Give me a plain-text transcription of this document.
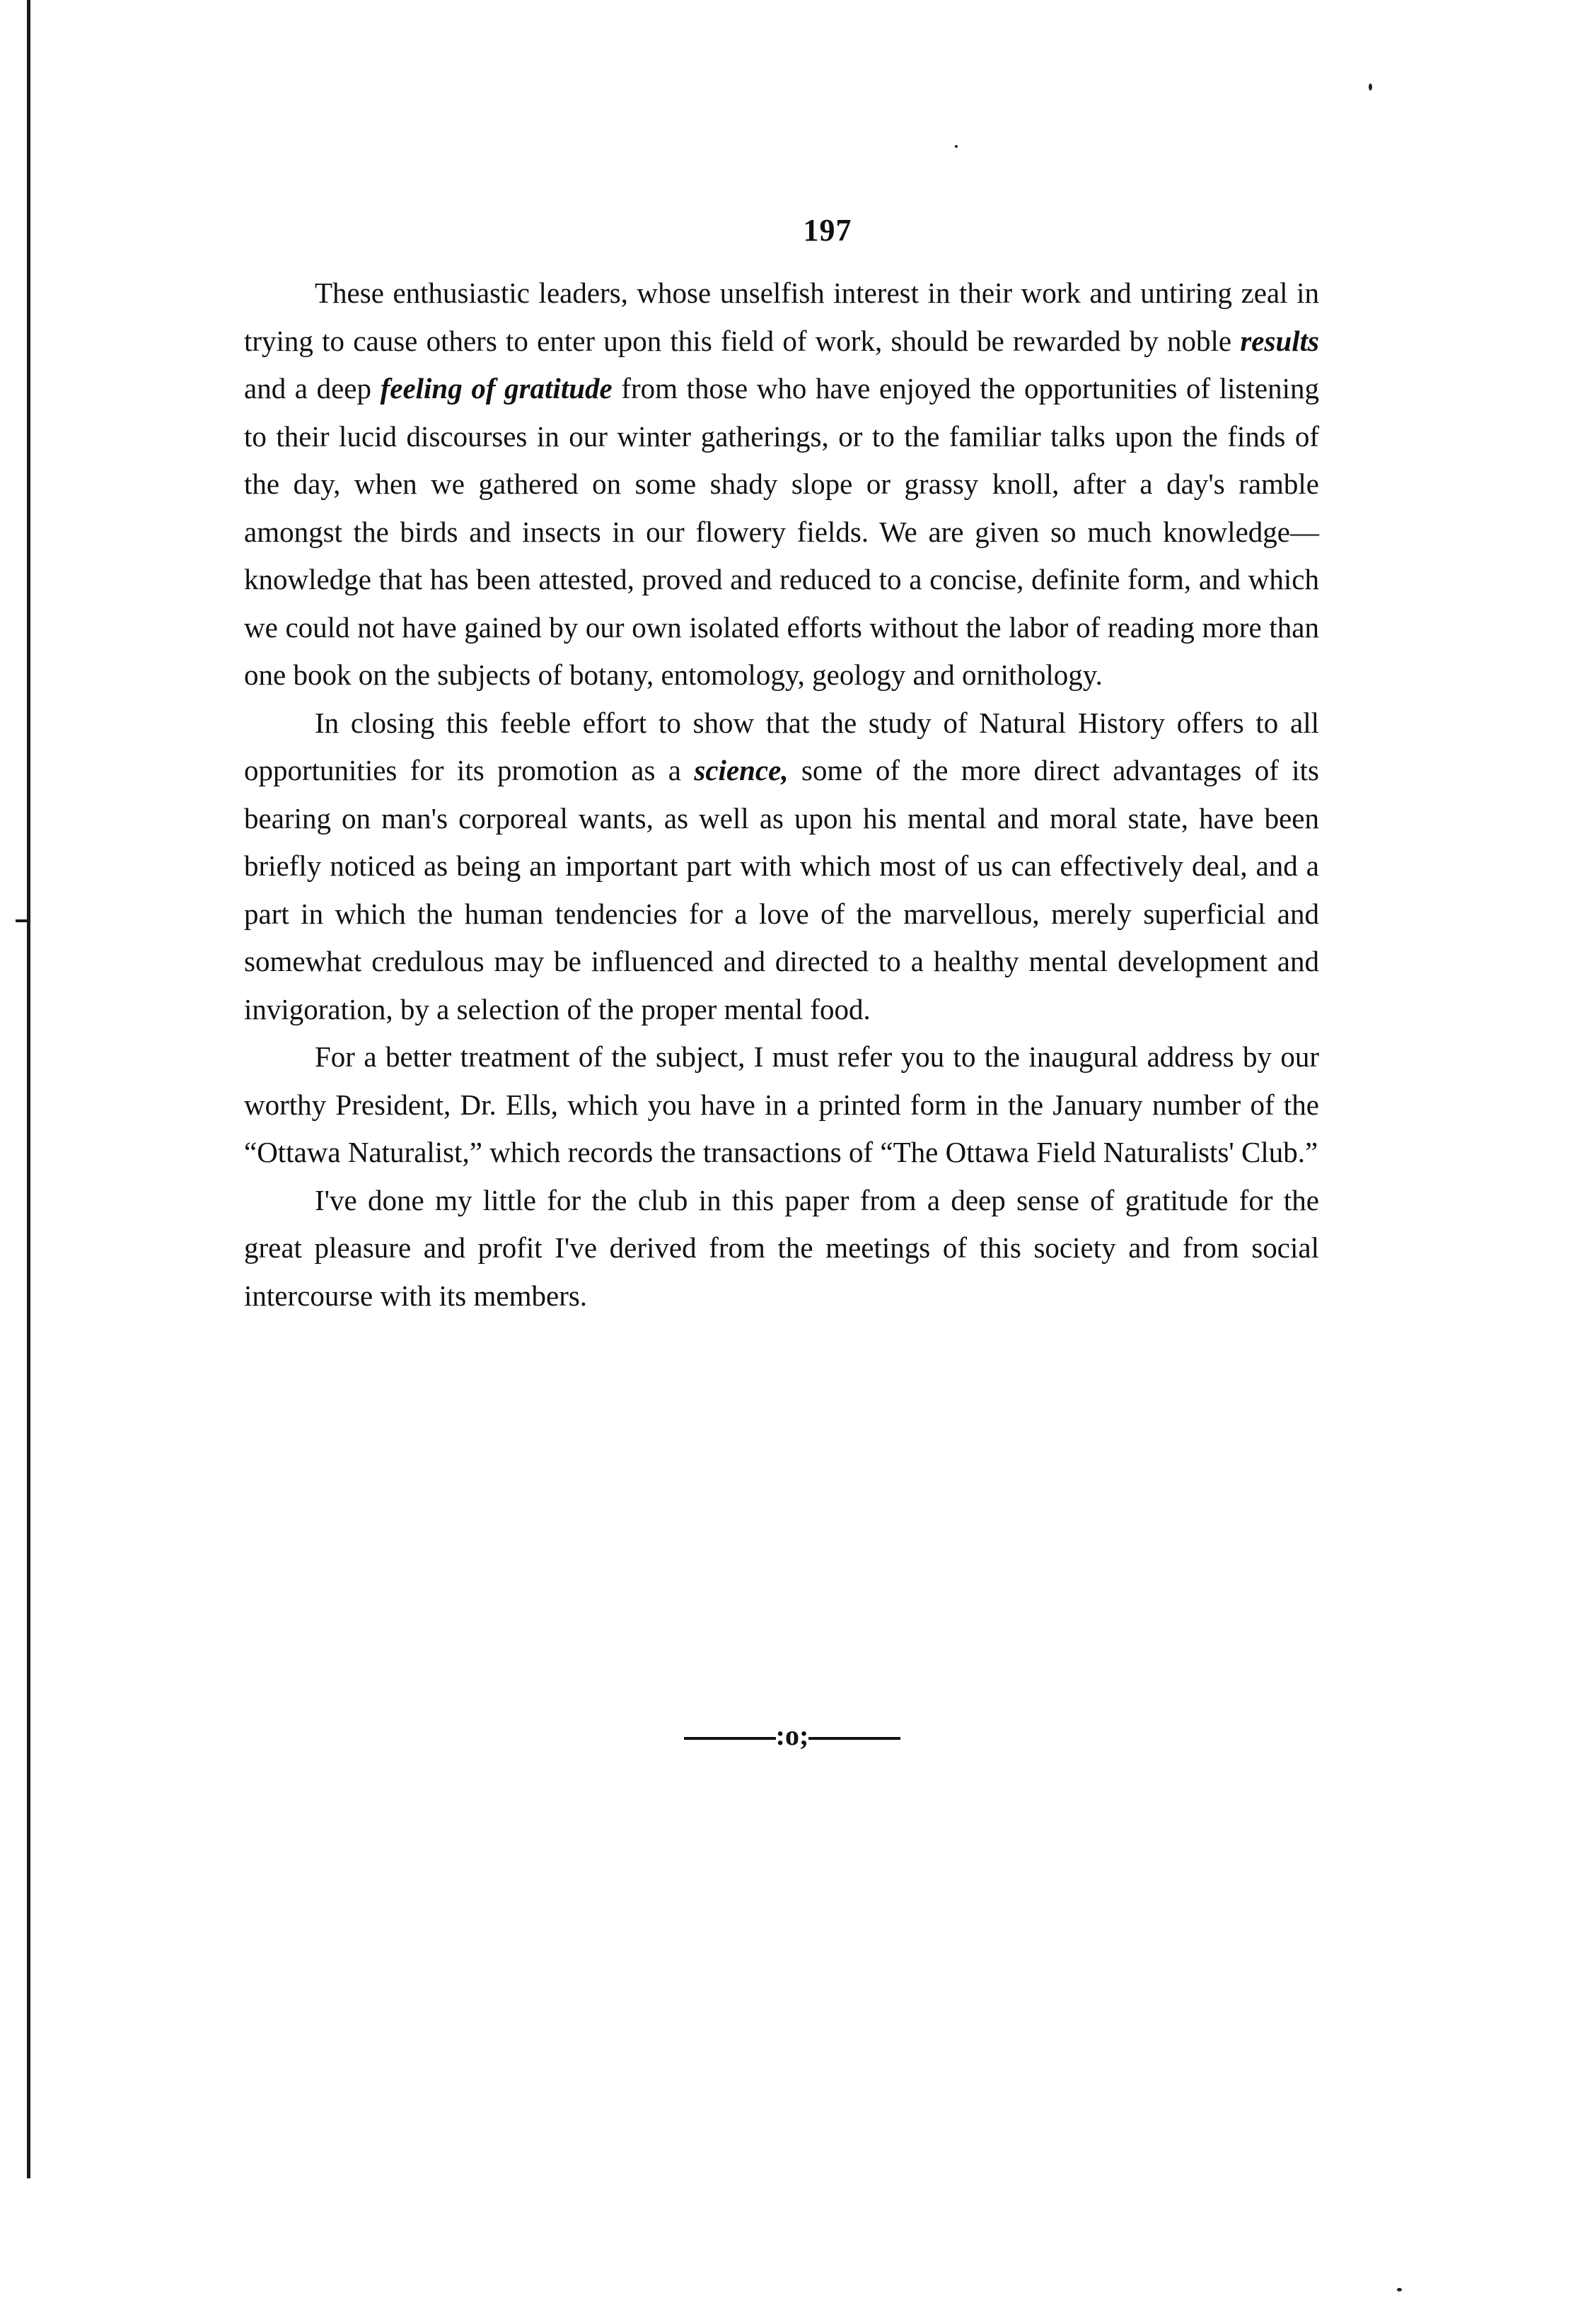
197

These enthusiastic leaders, whose unselfish interest in their work and untiring zeal in trying to cause others to enter upon this field of work, should be rewarded by noble results and a deep feeling of gratitude from those who have enjoyed the opportunities of listening to their lucid discourses in our winter gatherings, or to the familiar talks upon the finds of the day, when we gathered on some shady slope or grassy knoll, after a day's ramble amongst the birds and insects in our flowery fields. We are given so much knowledge—knowledge that has been attested, proved and reduced to a concise, definite form, and which we could not have gained by our own isolated efforts without the labor of reading more than one book on the subjects of botany, entomology, geology and ornithology.

In closing this feeble effort to show that the study of Natural History offers to all opportunities for its promotion as a science, some of the more direct advantages of its bearing on man's corporeal wants, as well as upon his mental and moral state, have been briefly noticed as being an important part with which most of us can effectively deal, and a part in which the human tendencies for a love of the marvellous, merely superficial and somewhat credulous may be influenced and directed to a healthy mental development and invigoration, by a selection of the proper mental food.

For a better treatment of the subject, I must refer you to the inaugural address by our worthy President, Dr. Ells, which you have in a printed form in the January number of the “Ottawa Naturalist,” which records the transactions of “The Ottawa Field Naturalists' Club.”

I've done my little for the club in this paper from a deep sense of gratitude for the great pleasure and profit I've derived from the meetings of this society and from social intercourse with its members.

:o;
